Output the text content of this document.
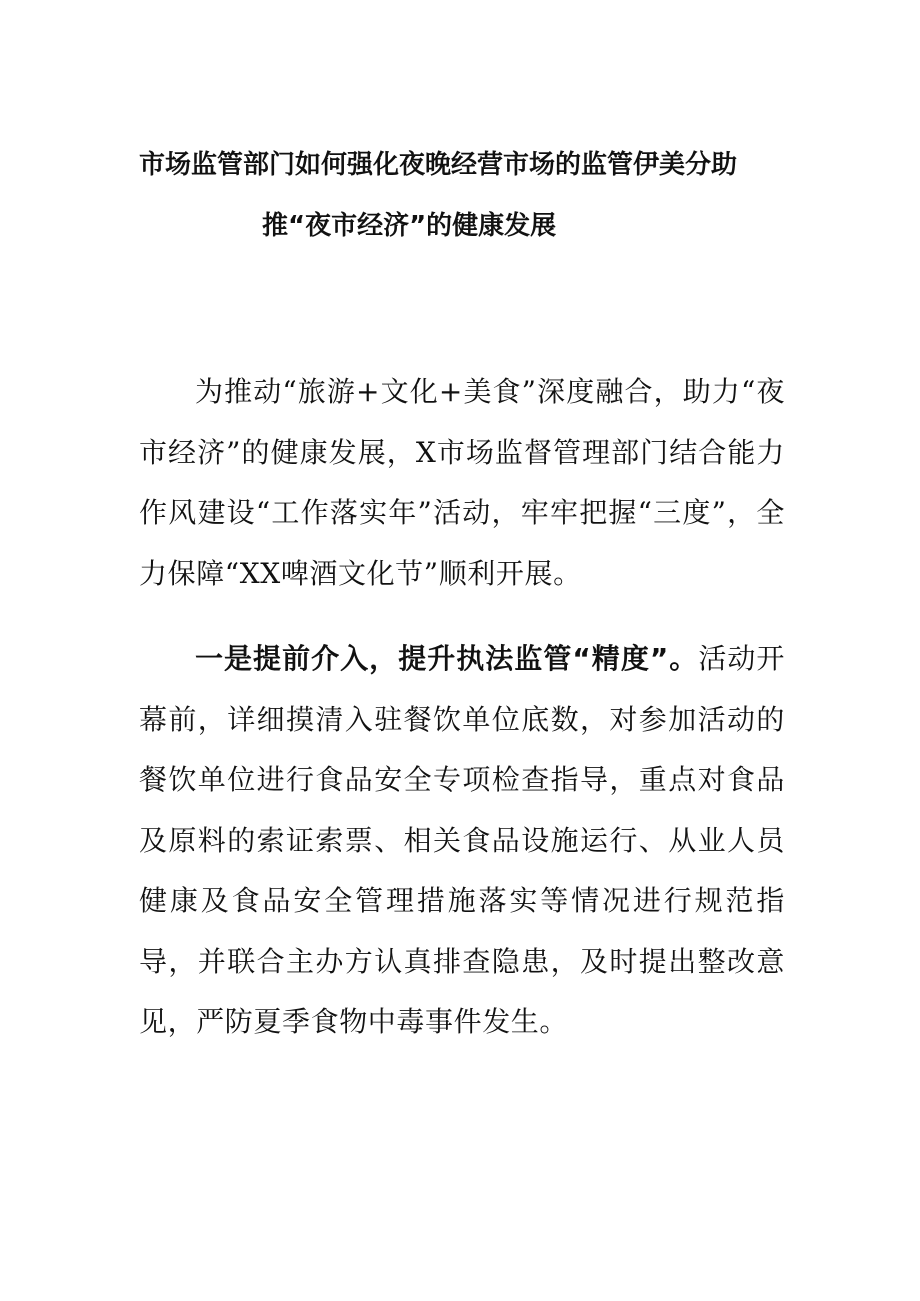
市场监管部门如何强化夜晚经营市场的监管伊美分助
推“夜市经济”的健康发展

为推动“旅游+文化+美食”深度融合，助力“夜市经济”的健康发展，X市场监督管理部门结合能力作风建设“工作落实年”活动，牢牢把握“三度”，全力保障“XX啤酒文化节”顺利开展。

一是提前介入，提升执法监管“精度”。活动开幕前，详细摸清入驻餐饮单位底数，对参加活动的餐饮单位进行食品安全专项检查指导，重点对食品及原料的索证索票、相关食品设施运行、从业人员健康及食品安全管理措施落实等情况进行规范指导，并联合主办方认真排查隐患，及时提出整改意见，严防夏季食物中毒事件发生。
